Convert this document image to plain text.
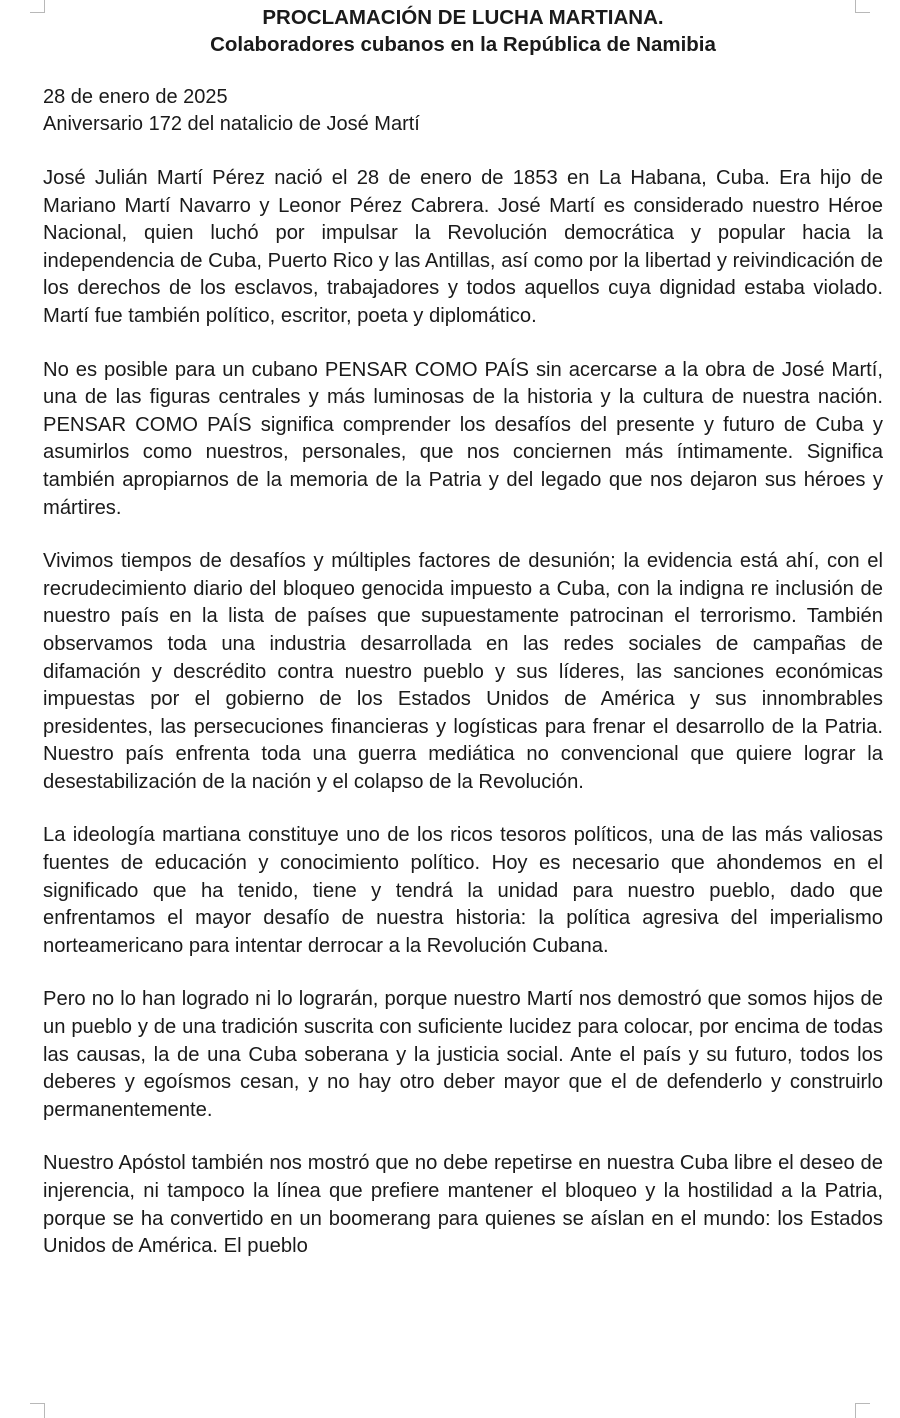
PROCLAMACIÓN DE LUCHA MARTIANA.
Colaboradores cubanos en la República de Namibia
28 de enero de 2025
Aniversario 172 del natalicio de José Martí

José Julián Martí Pérez nació el 28 de enero de 1853 en La Habana, Cuba. Era hijo de Mariano Martí Navarro y Leonor Pérez Cabrera. José Martí es considerado nuestro Héroe Nacional, quien luchó por impulsar la Revolución democrática y popular hacia la independencia de Cuba, Puerto Rico y las Antillas, así como por la libertad y reivindicación de los derechos de los esclavos, trabajadores y todos aquellos cuya dignidad estaba violado. Martí fue también político, escritor, poeta y diplomático.

No es posible para un cubano PENSAR COMO PAÍS sin acercarse a la obra de José Martí, una de las figuras centrales y más luminosas de la historia y la cultura de nuestra nación. PENSAR COMO PAÍS significa comprender los desafíos del presente y futuro de Cuba y asumirlos como nuestros, personales, que nos conciernen más íntimamente. Significa también apropiarnos de la memoria de la Patria y del legado que nos dejaron sus héroes y mártires.

Vivimos tiempos de desafíos y múltiples factores de desunión; la evidencia está ahí, con el recrudecimiento diario del bloqueo genocida impuesto a Cuba, con la indigna re inclusión de nuestro país en la lista de países que supuestamente patrocinan el terrorismo. También observamos toda una industria desarrollada en las redes sociales de campañas de difamación y descrédito contra nuestro pueblo y sus líderes, las sanciones económicas impuestas por el gobierno de los Estados Unidos de América y sus innombrables presidentes, las persecuciones financieras y logísticas para frenar el desarrollo de la Patria. Nuestro país enfrenta toda una guerra mediática no convencional que quiere lograr la desestabilización de la nación y el colapso de la Revolución.

La ideología martiana constituye uno de los ricos tesoros políticos, una de las más valiosas fuentes de educación y conocimiento político. Hoy es necesario que ahondemos en el significado que ha tenido, tiene y tendrá la unidad para nuestro pueblo, dado que enfrentamos el mayor desafío de nuestra historia: la política agresiva del imperialismo norteamericano para intentar derrocar a la Revolución Cubana.

Pero no lo han logrado ni lo lograrán, porque nuestro Martí nos demostró que somos hijos de un pueblo y de una tradición suscrita con suficiente lucidez para colocar, por encima de todas las causas, la de una Cuba soberana y la justicia social. Ante el país y su futuro, todos los deberes y egoísmos cesan, y no hay otro deber mayor que el de defenderlo y construirlo permanentemente.

Nuestro Apóstol también nos mostró que no debe repetirse en nuestra Cuba libre el deseo de injerencia, ni tampoco la línea que prefiere mantener el bloqueo y la hostilidad a la Patria, porque se ha convertido en un boomerang para quienes se aíslan en el mundo: los Estados Unidos de América. El pueblo
